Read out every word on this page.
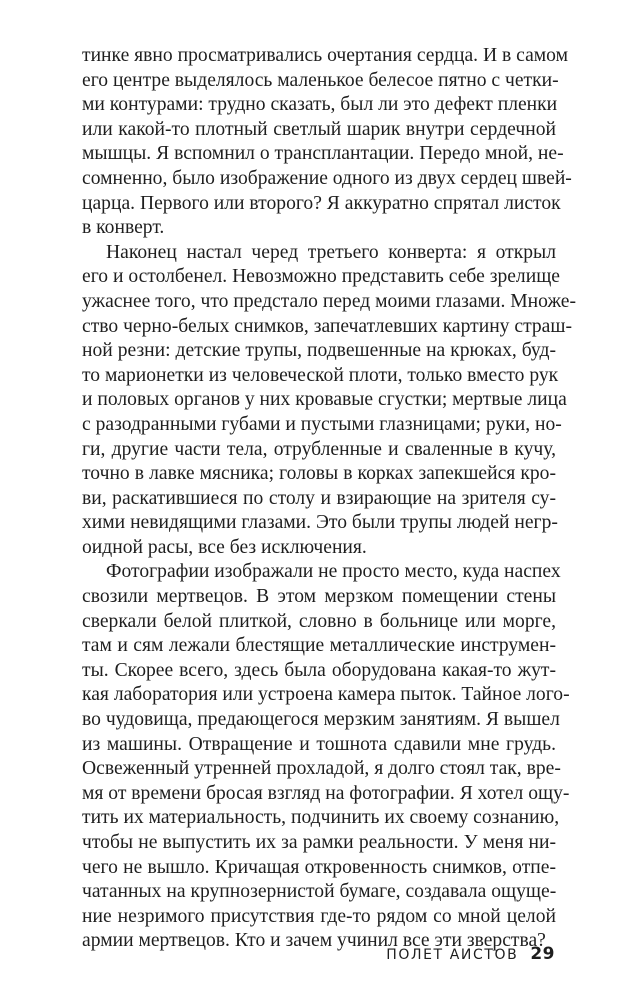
тинке явно просматривались очертания сердца. И в самом
его центре выделялось маленькое белесое пятно с четки-
ми контурами: трудно сказать, был ли это дефект пленки
или какой-то плотный светлый шарик внутри сердечной
мышцы. Я вспомнил о трансплантации. Передо мной, не-
сомненно, было изображение одного из двух сердец швей-
царца. Первого или второго? Я аккуратно спрятал листок
в конверт.
Наконец настал черед третьего конверта: я открыл
его и остолбенел. Невозможно представить себе зрелище
ужаснее того, что предстало перед моими глазами. Множе-
ство черно-белых снимков, запечатлевших картину страш-
ной резни: детские трупы, подвешенные на крюках, буд-
то марионетки из человеческой плоти, только вместо рук
и половых органов у них кровавые сгустки; мертвые лица
с разодранными губами и пустыми глазницами; руки, но-
ги, другие части тела, отрубленные и сваленные в кучу,
точно в лавке мясника; головы в корках запекшейся кро-
ви, раскатившиеся по столу и взирающие на зрителя су-
хими невидящими глазами. Это были трупы людей негр-
оидной расы, все без исключения.
Фотографии изображали не просто место, куда наспех
свозили мертвецов. В этом мерзком помещении стены
сверкали белой плиткой, словно в больнице или морге,
там и сям лежали блестящие металлические инструмен-
ты. Скорее всего, здесь была оборудована какая-то жут-
кая лаборатория или устроена камера пыток. Тайное лого-
во чудовища, предающегося мерзким занятиям. Я вышел
из машины. Отвращение и тошнота сдавили мне грудь.
Освеженный утренней прохладой, я долго стоял так, вре-
мя от времени бросая взгляд на фотографии. Я хотел ощу-
тить их материальность, подчинить их своему сознанию,
чтобы не выпустить их за рамки реальности. У меня ни-
чего не вышло. Кричащая откровенность снимков, отпе-
чатанных на крупнозернистой бумаге, создавала ощуще-
ние незримого присутствия где-то рядом со мной целой
армии мертвецов. Кто и зачем учинил все эти зверства?
ПОЛЕТ АИСТОВ 29
